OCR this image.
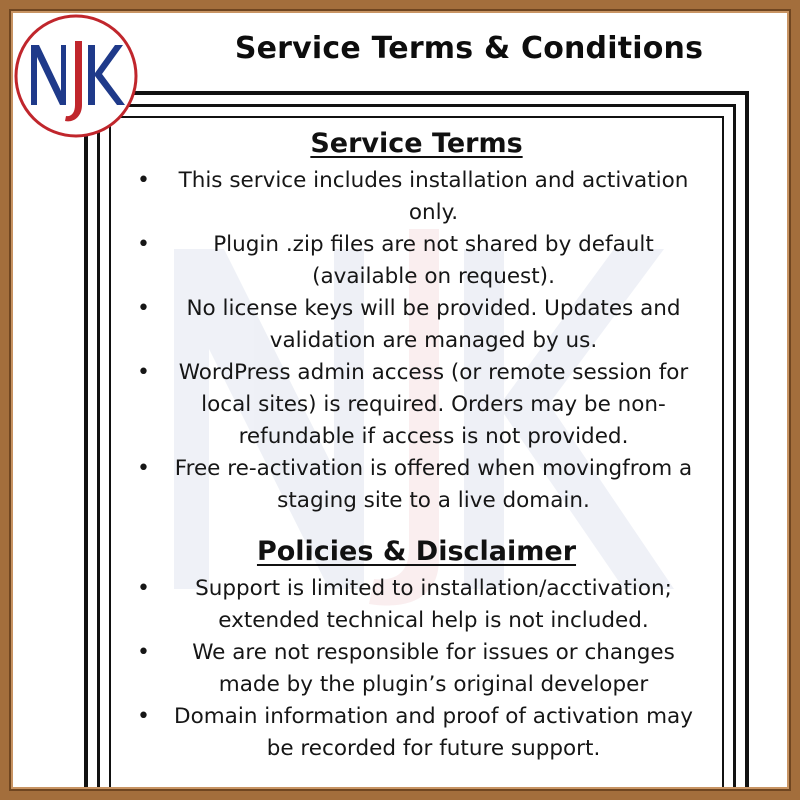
Service Terms & Conditions
Service Terms
• This service includes installation and activation only.
•	Plugin .zip files are not shared by default (available on request).
• No license keys will be provided. Updates and validation are managed by us.
• WordPress admin access (or remote session for local sites) is required. Orders may be non-refundable if access is not provided.
• Free re-activation is offered when movingfrom a staging site to a live domain.
Policies & Disclaimer
• Support is limited to installation/acctivation; extended technical help is not included.
• We are not responsible for issues or changes made by the plugin’s original developer
• Domain information and proof of activation may be recorded for future support.
